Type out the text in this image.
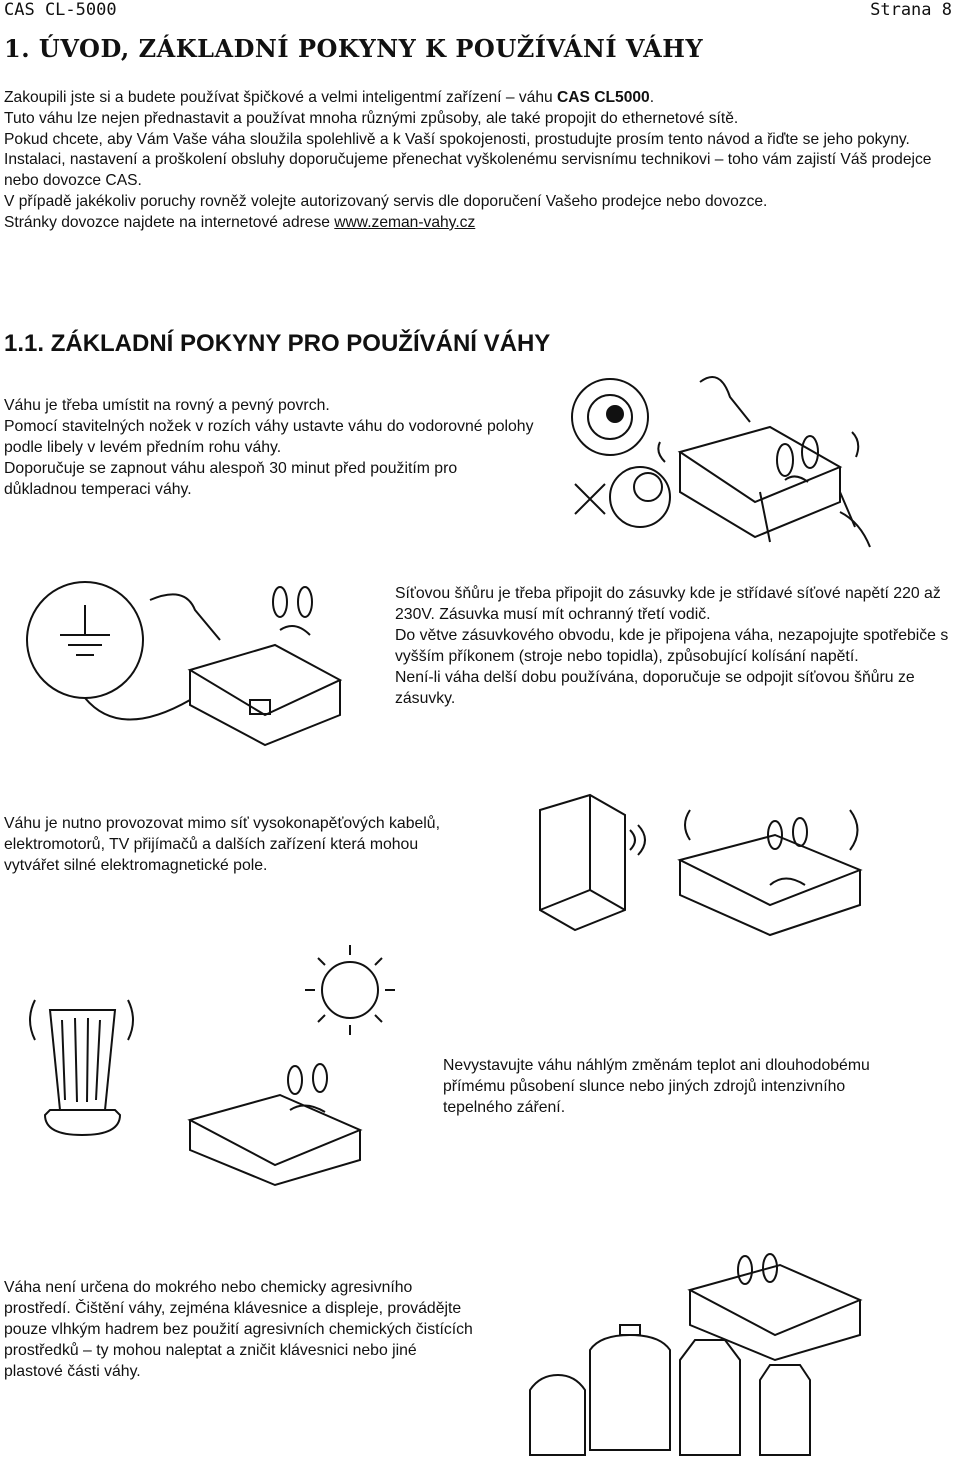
CAS CL-5000	Strana 8
1. ÚVOD, ZÁKLADNÍ POKYNY K POUŽÍVÁNÍ VÁHY

Zakoupili jste si a budete používat špičkové a velmi inteligentmí zařízení – váhu CAS CL5000.

Tuto váhu lze nejen přednastavit a používat mnoha různými způsoby, ale také propojit do ethernetové sítě.

Pokud chcete, aby Vám Vaše váha sloužila spolehlivě a k Vaší spokojenosti, prostudujte prosím tento návod a řiďte se jeho pokyny.

Instalaci, nastavení a proškolení obsluhy doporučujeme přenechat vyškolenému servisnímu technikovi – toho vám zajistí Váš prodejce nebo dovozce CAS.

V případě jakékoliv poruchy rovněž volejte autorizovaný servis dle doporučení Vašeho prodejce nebo dovozce.

Stránky dovozce najdete na internetové adrese www.zeman-vahy.cz

1.1. ZÁKLADNÍ POKYNY PRO POUŽÍVÁNÍ VÁHY

Váhu je třeba umístit na rovný a pevný povrch.

Pomocí stavitelných nožek v rozích váhy ustavte váhu do vodorovné polohy podle libely v levém předním rohu váhy.

Doporučuje se zapnout váhu alespoň 30 minut před použitím pro důkladnou temperaci váhy.

Síťovou šňůru je třeba připojit do zásuvky kde je střídavé síťové napětí 220 až 230V. Zásuvka musí mít ochranný třetí vodič.

Do větve zásuvkového obvodu, kde je připojena váha, nezapojujte spotřebiče s vyšším příkonem (stroje nebo topidla), způsobující kolísání napětí.

Není-li váha delší dobu používána, doporučuje se odpojit síťovou šňůru ze zásuvky.

Váhu je nutno provozovat mimo síť vysokonapěťových kabelů, elektromotorů, TV přijímačů a dalších zařízení která mohou vytvářet silné elektromagnetické pole.
Nevystavujte váhu náhlým změnám teplot ani dlouhodobému přímému působení slunce nebo jiných zdrojů intenzivního tepelného záření.
Váha není určena do mokrého nebo chemicky agresivního prostředí. Čištění váhy, zejména klávesnice a displeje, provádějte pouze vlhkým hadrem bez použití agresivních chemických čistících prostředků – ty mohou naleptat a zničit klávesnici nebo jiné plastové části váhy.
